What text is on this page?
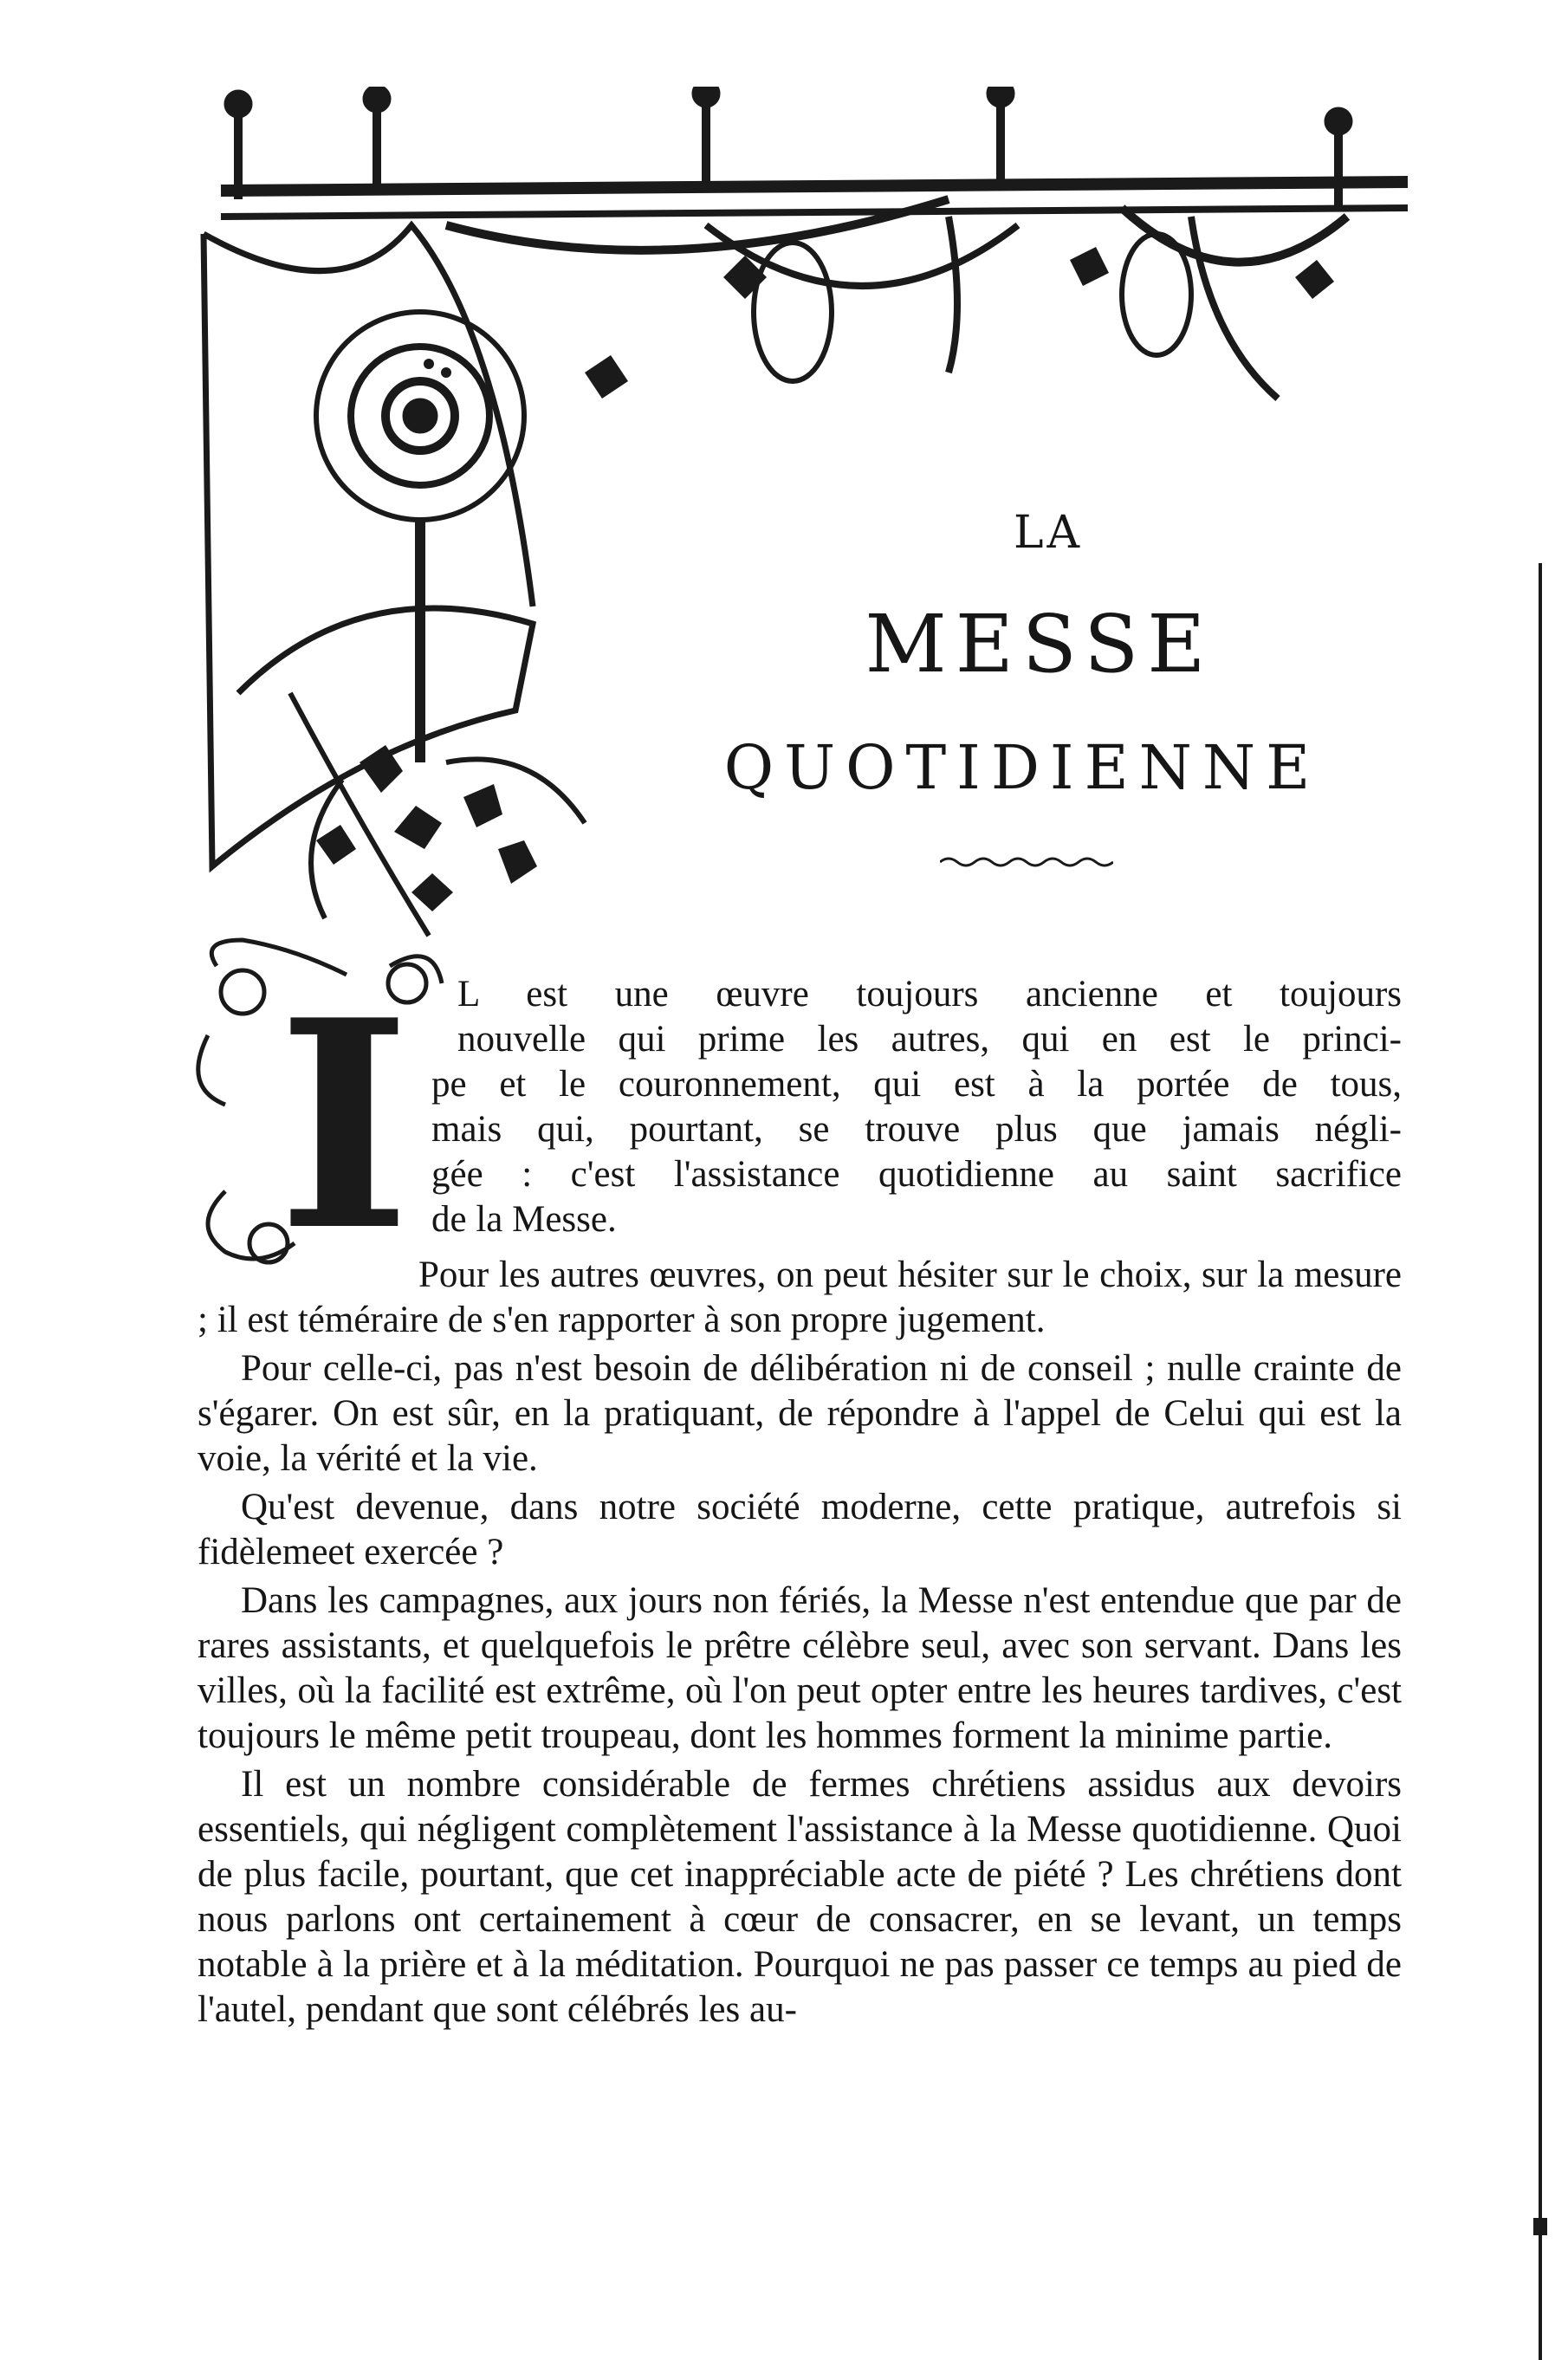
LA
MESSE
QUOTIDIENNE
I	L est une œuvre toujours ancienne et toujours
nouvelle qui prime les autres, qui en est le princi-
pe et le couronnement, qui est à la portée de tous,
mais qui, pourtant, se trouve plus que jamais négli-
gée : c'est l'assistance quotidienne au saint sacrifice
de la Messe.

Pour les autres œuvres, on peut hésiter sur le choix, sur la mesure ; il est téméraire de s'en rapporter à son propre jugement.

Pour celle-ci, pas n'est besoin de délibération ni de conseil ; nulle crainte de s'égarer. On est sûr, en la pratiquant, de répondre à l'appel de Celui qui est la voie, la vérité et la vie.

Qu'est devenue, dans notre société moderne, cette pratique, autrefois si fidèlemeet exercée ?

Dans les campagnes, aux jours non fériés, la Messe n'est entendue que par de rares assistants, et quelquefois le prêtre célèbre seul, avec son servant. Dans les villes, où la facilité est extrême, où l'on peut opter entre les heures tardives, c'est toujours le même petit troupeau, dont les hommes forment la minime partie.

Il est un nombre considérable de fermes chrétiens assidus aux devoirs essentiels, qui négligent complètement l'assistance à la Messe quotidienne. Quoi de plus facile, pourtant, que cet inappréciable acte de piété ? Les chrétiens dont nous parlons ont certainement à cœur de consacrer, en se levant, un temps notable à la prière et à la méditation. Pourquoi ne pas passer ce temps au pied de l'autel, pendant que sont célébrés les au-
